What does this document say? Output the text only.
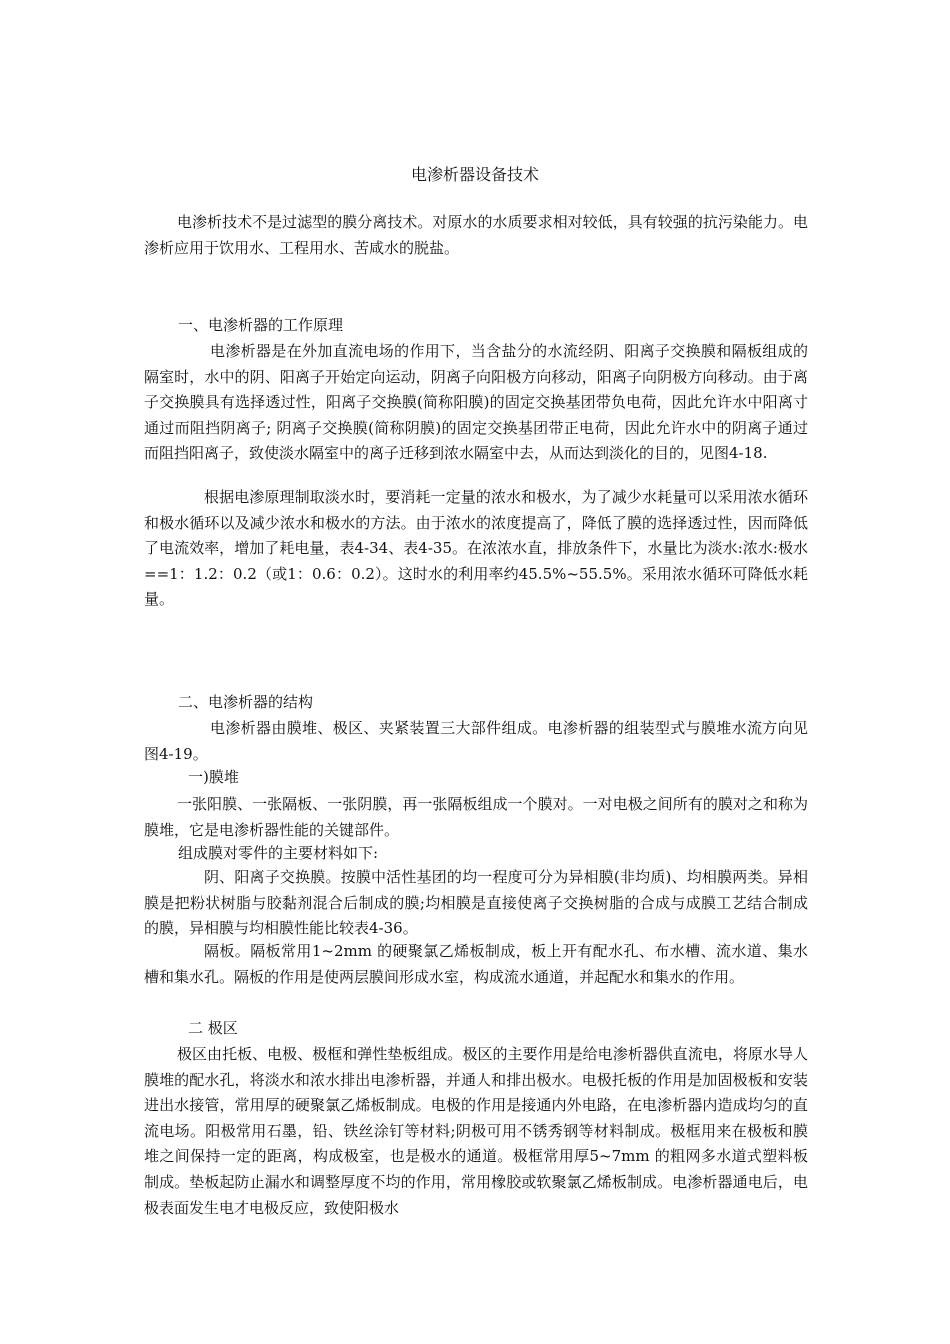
电渗析器设备技术

电渗析技术不是过滤型的膜分离技术。对原水的水质要求相对较低，具有较强的抗污染能力。电渗析应用于饮用水、工程用水、苦咸水的脱盐。

一、电渗析器的工作原理

电渗析器是在外加直流电场的作用下，当含盐分的水流经阴、阳离子交换膜和隔板组成的隔室时，水中的阴、阳离子开始定向运动，阴离子向阳极方向移动，阳离子向阴极方向移动。由于离子交换膜具有选择透过性，阳离子交换膜(简称阳膜)的固定交换基团带负电荷，因此允许水中阳离寸通过而阻挡阴离子; 阴离子交换膜(简称阴膜)的固定交换基团带正电荷，因此允许水中的阴离子通过而阻挡阳离子，致使淡水隔室中的离子迁移到浓水隔室中去，从而达到淡化的目的，见图4-18.

根据电渗原理制取淡水时，要消耗一定量的浓水和极水，为了减少水耗量可以采用浓水循环和极水循环以及减少浓水和极水的方法。由于浓水的浓度提高了，降低了膜的选择透过性，因而降低了电流效率，增加了耗电量，表4-34、表4-35。在浓浓水直，排放条件下，水量比为淡水:浓水:极水==1：1.2：0.2（或1：0.6：0.2）。这时水的利用率约45.5%~55.5%。采用浓水循环可降低水耗量。

二、电渗析器的结构

电渗析器由膜堆、极区、夹紧装置三大部件组成。电渗析器的组装型式与膜堆水流方向见图4-19。

一)膜堆

一张阳膜、一张隔板、一张阴膜，再一张隔板组成一个膜对。一对电极之间所有的膜对之和称为膜堆，它是电渗析器性能的关键部件。

组成膜对零件的主要材料如下:

阴、阳离子交换膜。按膜中活性基团的均一程度可分为异相膜(非均质)、均相膜两类。异相膜是把粉状树脂与胶黏剂混合后制成的膜;均相膜是直接使离子交换树脂的合成与成膜工艺结合制成的膜，异相膜与均相膜性能比较表4-36。

隔板。隔板常用1~2mm 的硬聚氯乙烯板制成，板上开有配水孔、布水槽、流水道、集水槽和集水孔。隔板的作用是使两层膜间形成水室，构成流水通道，并起配水和集水的作用。

二 极区

极区由托板、电极、极框和弹性垫板组成。极区的主要作用是给电渗析器供直流电，将原水导人膜堆的配水孔，将淡水和浓水排出电渗析器，并通人和排出极水。电极托板的作用是加固极板和安装进出水接管，常用厚的硬聚氯乙烯板制成。电极的作用是接通内外电路，在电渗析器内造成均匀的直流电场。阳极常用石墨，铅、铁丝涂钉等材料;阴极可用不锈秀钢等材料制成。极框用来在极板和膜堆之间保持一定的距离，构成极室，也是极水的通道。极框常用厚5~7mm 的粗网多水道式塑料板制成。垫板起防止漏水和调整厚度不均的作用，常用橡胶或软聚氯乙烯板制成。电渗析器通电后，电极表面发生电才电极反应，致使阳极水
